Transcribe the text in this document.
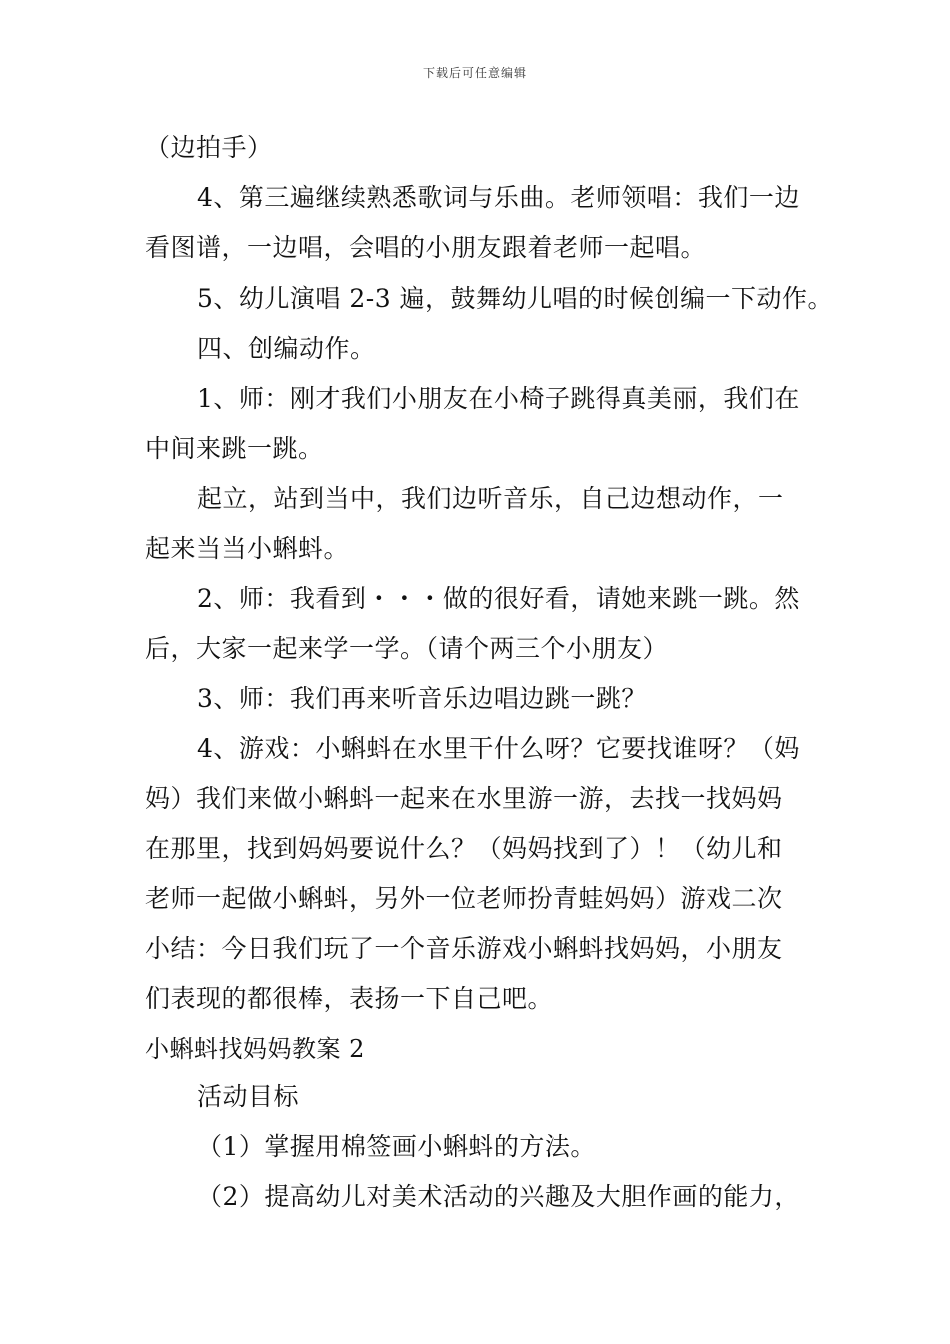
下载后可任意编辑
（边拍手）
4、第三遍继续熟悉歌词与乐曲。老师领唱：我们一边
看图谱，一边唱，会唱的小朋友跟着老师一起唱。
5、幼儿演唱 2-3 遍，鼓舞幼儿唱的时候创编一下动作。
四、创编动作。
1、师：刚才我们小朋友在小椅子跳得真美丽，我们在
中间来跳一跳。
起立，站到当中，我们边听音乐，自己边想动作，一
起来当当小蝌蚪。
2、师：我看到・・・做的很好看，请她来跳一跳。然
后，大家一起来学一学。（请个两三个小朋友）
3、师：我们再来听音乐边唱边跳一跳？
4、游戏：小蝌蚪在水里干什么呀？它要找谁呀？（妈
妈）我们来做小蝌蚪一起来在水里游一游，去找一找妈妈
在那里，找到妈妈要说什么？（妈妈找到了）！（幼儿和
老师一起做小蝌蚪，另外一位老师扮青蛙妈妈）游戏二次
小结：今日我们玩了一个音乐游戏小蝌蚪找妈妈，小朋友
们表现的都很棒，表扬一下自己吧。
小蝌蚪找妈妈教案 2
活动目标
（1）掌握用棉签画小蝌蚪的方法。
（2）提高幼儿对美术活动的兴趣及大胆作画的能力，
